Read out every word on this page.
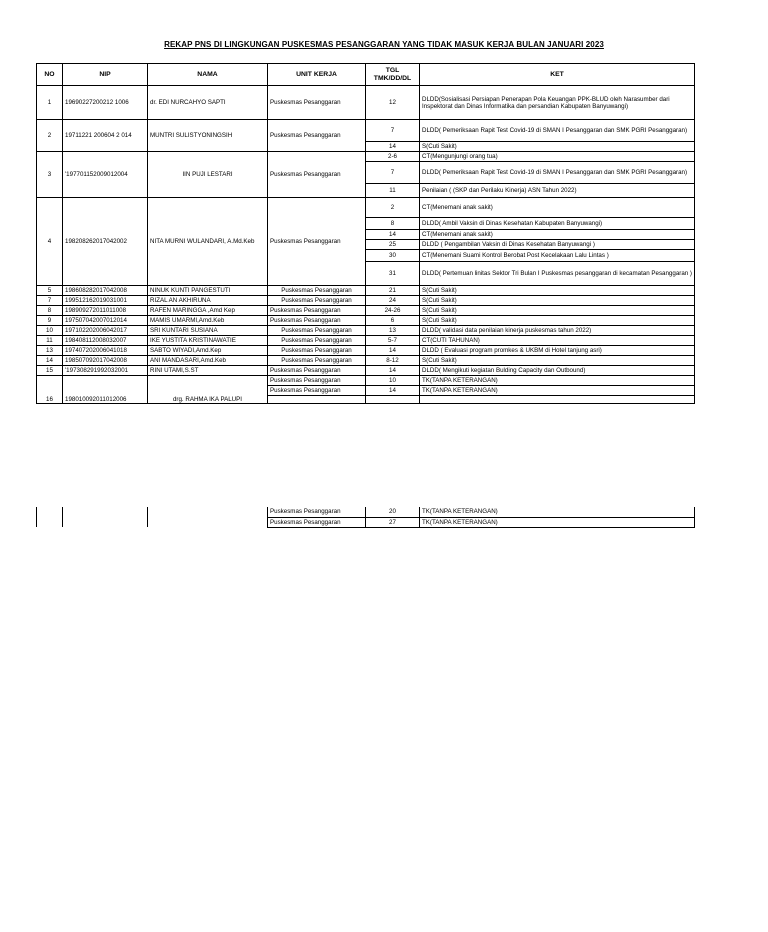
REKAP PNS DI LINGKUNGAN PUSKESMAS PESANGGARAN YANG TIDAK MASUK KERJA BULAN JANUARI 2023
NO	NIP	NAMA	UNIT KERJA	TGL TMK/DD/DL	KET
1	19690227200212 1006	dr. EDI NURCAHYO SAPTI	Puskesmas Pesanggaran	12	DLDD(Sosialisasi Persiapan Penerapan Pola Keuangan PPK-BLUD oleh Narasumber dari Inspektorat dan Dinas Informatika dan persandian Kabupaten Banyuwangi)
2	19711221 200604 2 014	MUNTRI SULISTYONINGSIH	Puskesmas Pesanggaran	7	DLDD( Pemeriksaan Rapit Test Covid-19 di SMAN I Pesanggaran dan SMK PGRI Pesanggaran)
				14	S(Cuti Sakit)
3	'197701152009012004	IIN PUJI LESTARI	Puskesmas Pesanggaran	2-6	CT(Mengunjungi orang tua)
				7	DLDD( Pemeriksaan Rapit Test Covid-19 di SMAN I Pesanggaran dan SMK PGRI Pesanggaran)
				11	Penilaian ( (SKP dan Perilaku Kinerja) ASN Tahun 2022)
4	198208262017042002	NITA MURNI WULANDARI, A.Md.Keb	Puskesmas Pesanggaran	2	CT(Menemani anak sakit)
				8	DLDD( Ambil Vaksin di Dinas Kesehatan Kabupaten Banyuwangi)
				14	CT(Menemani anak sakit)
				25	DLDD ( Pengambilan Vaksin di Dinas Kesehatan Banyuwangi )
				30	CT(Menemani Suami Kontrol Berobat Post Kecelakaan Lalu Lintas )
				31	DLDD( Pertemuan linitas Sektor Tri Bulan I Puskesmas pesanggaran di kecamatan Pesanggaran )
5	198608282017042008	NINUK KUNTI PANGESTUTI	Puskesmas Pesanggaran	21	S(Cuti Sakit)
7	199512162019031001	RIZAL AN AKHIRUNA	Puskesmas Pesanggaran	24	S(Cuti Sakit)
8	198909272011011008	RAFEN MARINGGA ,Amd Kep	Puskesmas Pesanggaran	24-26	S(Cuti Sakit)
9	197507042007012014	MAMIS UMARMI,Amd.Keb	Puskesmas Pesanggaran	6	S(Cuti Sakit)
10	197102202006042017	SRI KUNTARI SUSIANA	Puskesmas Pesanggaran	13	DLDD( validasi data penilaian kinerja puskesmas tahun 2022)
11	198408112008032007	IKE YUSTITA KRISTINAWATIE	Puskesmas Pesanggaran	5-7	CT(CUTI TAHUNAN)
13	197407202006041018	SABTO WIYADI,Amd.Kep	Puskesmas Pesanggaran	14	DLDD ( Evaluasi program promkes & UKBM di Hotel tanjung asri)
14	198507092017042008	ANI MANDASARI,Amd.Keb	Puskesmas Pesanggaran	8-12	S(Cuti Sakit)
15	'197308291992032001	RINI UTAMI,S.ST	Puskesmas Pesanggaran	14	DLDD( Mengikuti kegiatan Bulding Capacity dan Outbound)
16	198010092011012006	drg. RAHMA IKA PALUPI	Puskesmas Pesanggaran	10	TK(TANPA KETERANGAN)
			Puskesmas Pesanggaran	14	TK(TANPA KETERANGAN)

			Puskesmas Pesanggaran	20	TK(TANPA KETERANGAN)
			Puskesmas Pesanggaran	27	TK(TANPA KETERANGAN)
